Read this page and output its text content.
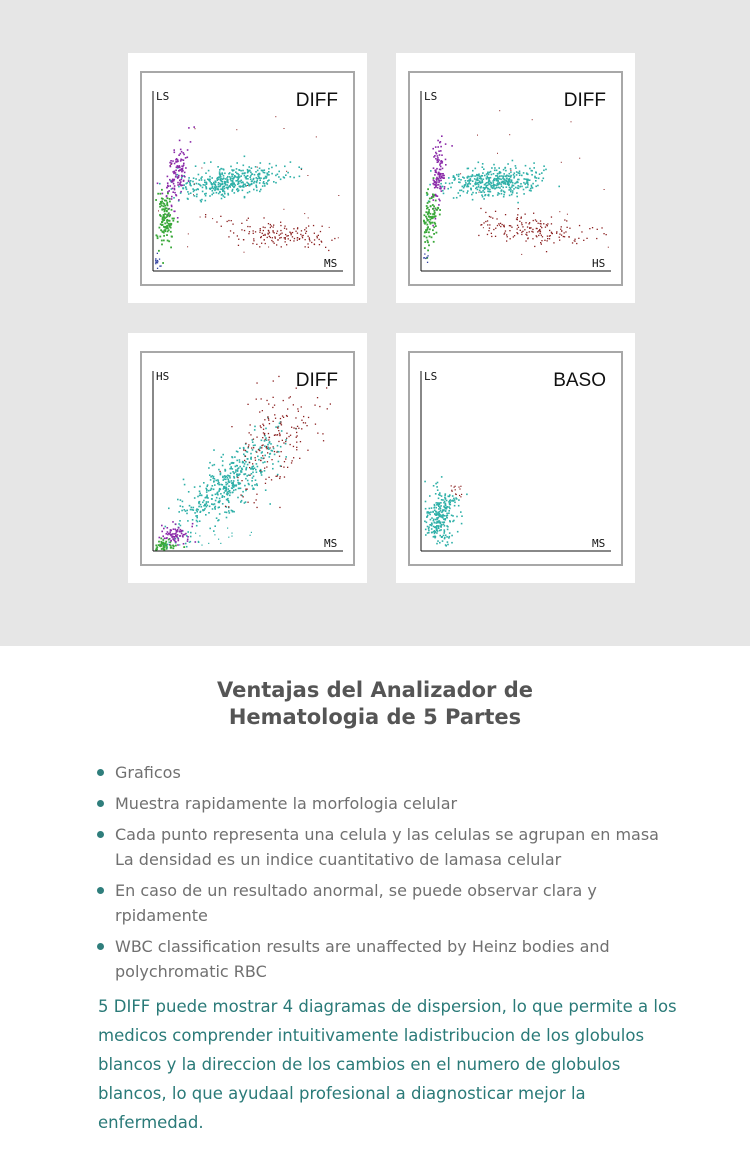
LS
MS
DIFF	LS
HS
DIFF
HS
MS
DIFF	LS
MS
BASO
Ventajas del Analizador de
Hematologia de 5 Partes
Graficos
Muestra rapidamente la morfologia celular
Cada punto representa una celula y las celulas se agrupan en masa
La densidad es un indice cuantitativo de lamasa celular
En caso de un resultado anormal, se puede observar clara y
rpidamente
WBC classification results are unaffected by Heinz bodies and
polychromatic RBC
5 DIFF puede mostrar 4 diagramas de dispersion, lo que permite a los medicos comprender intuitivamente ladistribucion de los globulos blancos y la direccion de los cambios en el numero de globulos blancos, lo que ayudaal profesional a diagnosticar mejor la enfermedad.
